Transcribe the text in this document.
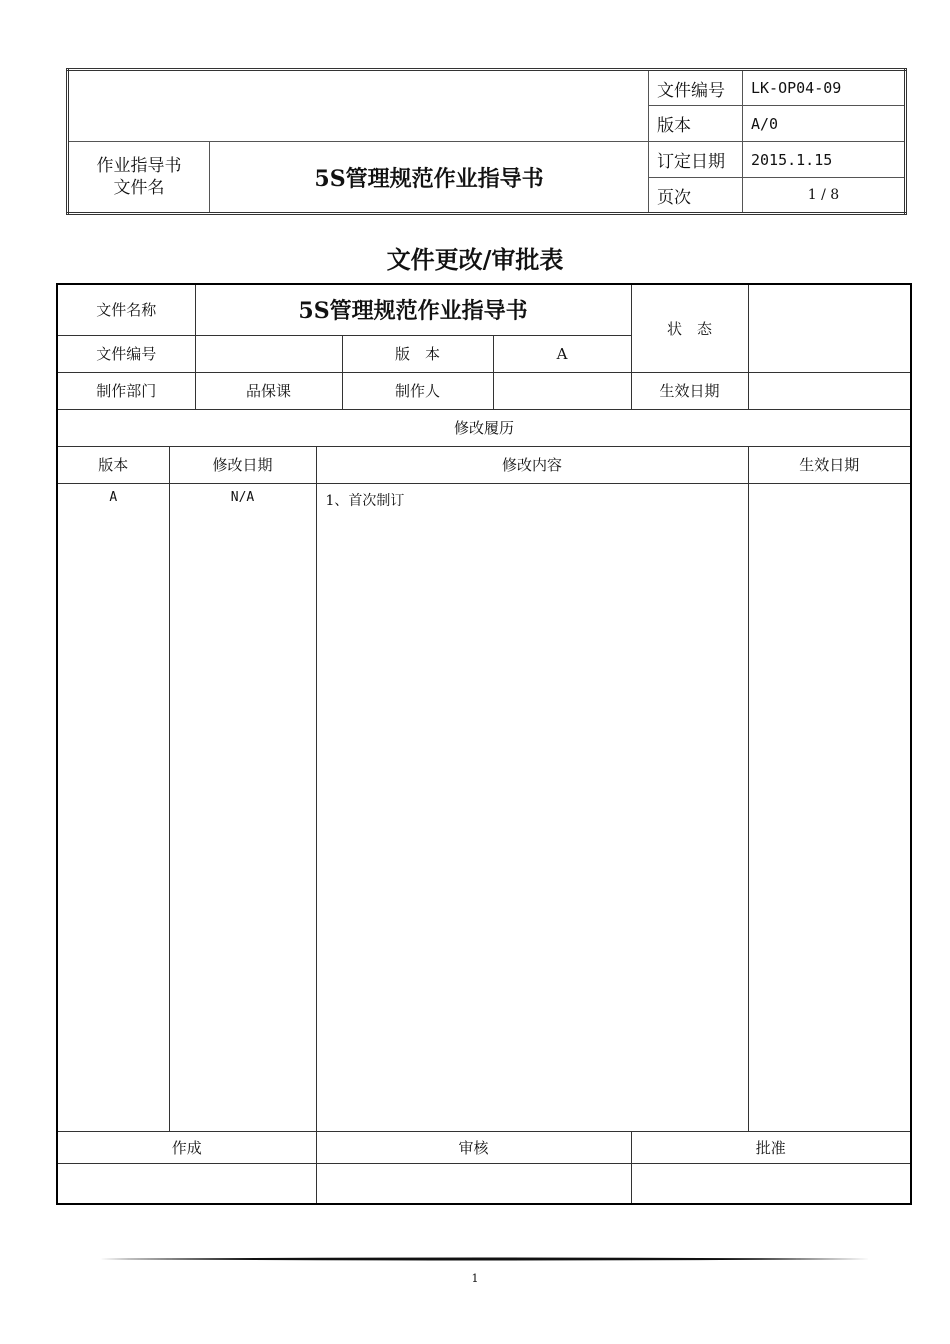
		文件编号	LK-OP04-09
		版本	A/0

作业指导书
文件名	5S管理规范作业指导书	订定日期	2015.1.15
		页次	1 / 8
文件更改/审批表
文件名称		5S管理规范作业指导书				状　态	
文件编号				版　本	A		
制作部门		品保课		制作人		生效日期	
修改履历							
版本	修改日期		修改内容				生效日期
A	N/A		1、首次制订				
作成			审核			批准	

1
